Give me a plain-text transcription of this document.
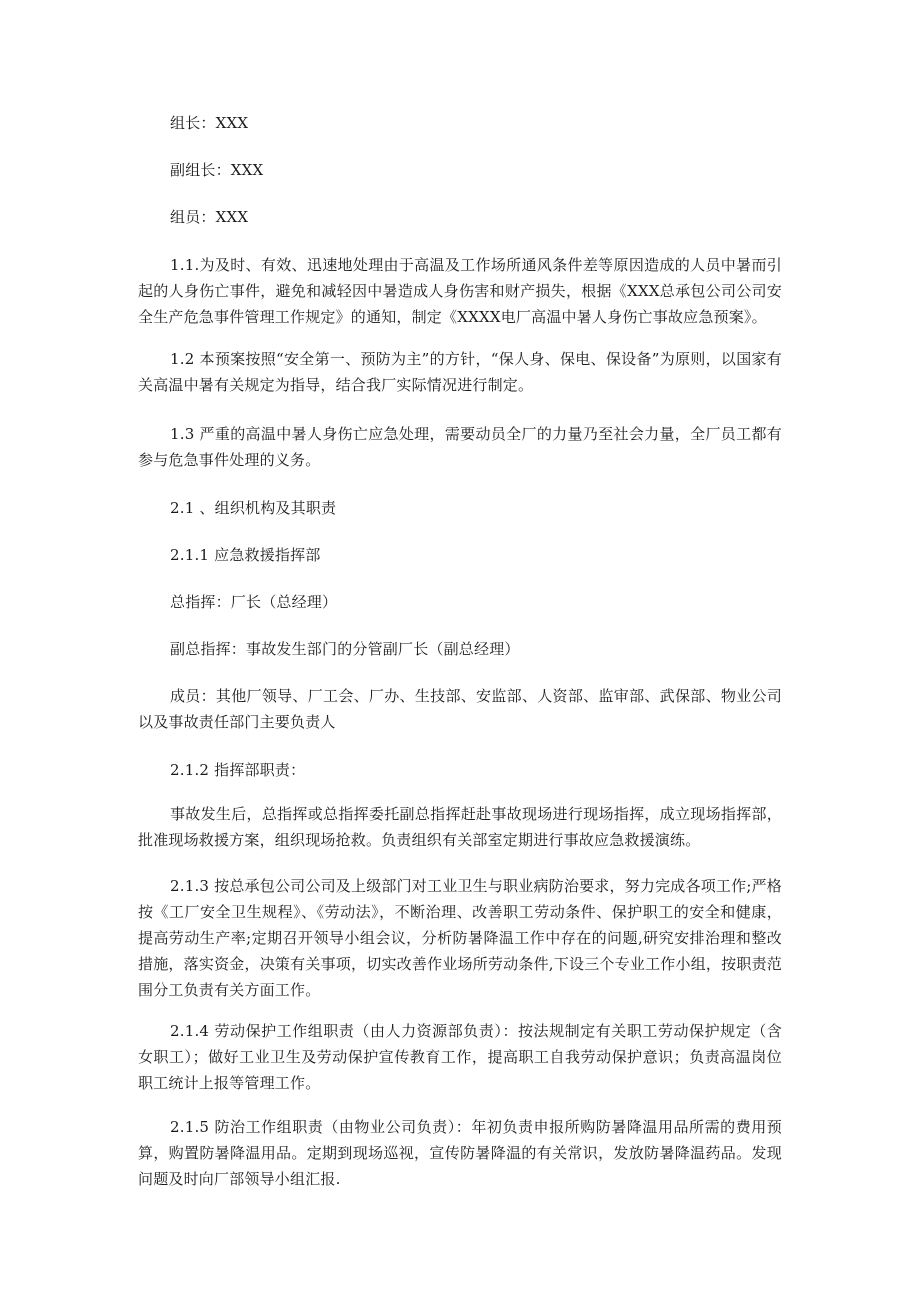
组长：XXX

副组长：XXX

组员：XXX

1.1.为及时、有效、迅速地处理由于高温及工作场所通风条件差等原因造成的人员中暑而引起的人身伤亡事件，避免和减轻因中暑造成人身伤害和财产损失，根据《XXX总承包公司公司安全生产危急事件管理工作规定》的通知，制定《XXXX电厂高温中暑人身伤亡事故应急预案》。

1.2 本预案按照“安全第一、预防为主”的方针，“保人身、保电、保设备”为原则，以国家有关高温中暑有关规定为指导，结合我厂实际情况进行制定。

1.3 严重的高温中暑人身伤亡应急处理，需要动员全厂的力量乃至社会力量，全厂员工都有参与危急事件处理的义务。

2.1 、组织机构及其职责

2.1.1 应急救援指挥部

总指挥：厂长（总经理）

副总指挥：事故发生部门的分管副厂长（副总经理）

成员：其他厂领导、厂工会、厂办、生技部、安监部、人资部、监审部、武保部、物业公司以及事故责任部门主要负责人

2.1.2 指挥部职责：

事故发生后，总指挥或总指挥委托副总指挥赶赴事故现场进行现场指挥，成立现场指挥部，批准现场救援方案，组织现场抢救。负责组织有关部室定期进行事故应急救援演练。

2.1.3 按总承包公司公司及上级部门对工业卫生与职业病防治要求，努力完成各项工作;严格按《工厂安全卫生规程》、《劳动法》，不断治理、改善职工劳动条件、保护职工的安全和健康，提高劳动生产率;定期召开领导小组会议，分析防暑降温工作中存在的问题,研究安排治理和整改措施，落实资金，决策有关事项，切实改善作业场所劳动条件,下设三个专业工作小组，按职责范围分工负责有关方面工作。

2.1.4 劳动保护工作组职责（由人力资源部负责）：按法规制定有关职工劳动保护规定（含女职工）；做好工业卫生及劳动保护宣传教育工作，提高职工自我劳动保护意识；负责高温岗位职工统计上报等管理工作。

2.1.5 防治工作组职责（由物业公司负责）：年初负责申报所购防暑降温用品所需的费用预算，购置防暑降温用品。定期到现场巡视，宣传防暑降温的有关常识，发放防暑降温药品。发现问题及时向厂部领导小组汇报.
